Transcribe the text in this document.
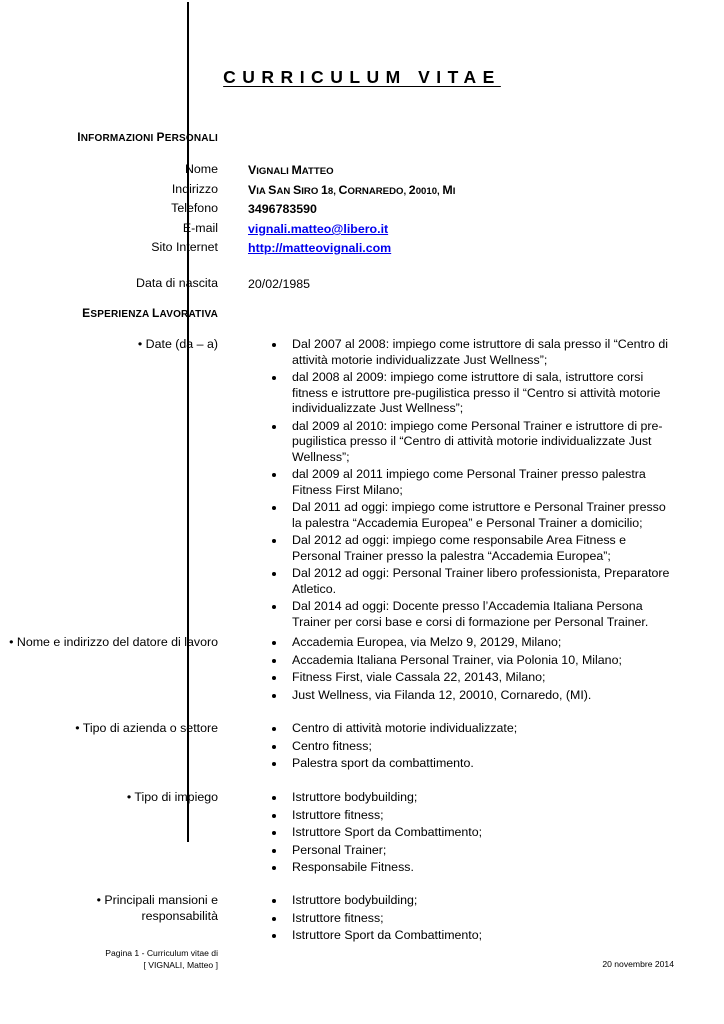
CURRICULUM VITAE
INFORMAZIONI PERSONALI
Nome VIGNALI MATTEO
Indirizzo VIA SAN SIRO 18, CORNAREDO, 20010, MI
Telefono 3496783590
E-mail vignali.matteo@libero.it
Sito Internet http://matteovignali.com
Data di nascita 20/02/1985
ESPERIENZA LAVORATIVA
• Date (da – a)	Dal 2007 al 2008: impiego come istruttore di sala presso il “Centro di attività motorie individualizzate Just Wellness”;
dal 2008 al 2009: impiego come istruttore di sala, istruttore corsi fitness e istruttore pre-pugilistica presso il “Centro si attività motorie individualizzate Just Wellness”;
dal 2009 al 2010: impiego come Personal Trainer e istruttore di pre-pugilistica presso il “Centro di attività motorie individualizzate Just Wellness”;
dal 2009 al 2011 impiego come Personal Trainer presso palestra Fitness First Milano;
Dal 2011 ad oggi: impiego come istruttore e Personal Trainer presso la palestra “Accademia Europea” e Personal Trainer a domicilio;
Dal 2012 ad oggi: impiego come responsabile Area Fitness e Personal Trainer presso la palestra “Accademia Europea”;
Dal 2012 ad oggi: Personal Trainer libero professionista, Preparatore Atletico.
Dal 2014 ad oggi: Docente presso l’Accademia Italiana Persona Trainer per corsi base e corsi di formazione per Personal Trainer.
• Nome e indirizzo del datore di lavoro	Accademia Europea, via Melzo 9, 20129, Milano;
Accademia Italiana Personal Trainer, via Polonia 10, Milano;
Fitness First, viale Cassala 22, 20143, Milano;
Just Wellness, via Filanda 12, 20010, Cornaredo, (MI).
• Tipo di azienda o settore	Centro di attività motorie individualizzate;
Centro fitness;
Palestra sport da combattimento.
• Tipo di impiego	Istruttore bodybuilding;
Istruttore fitness;
Istruttore Sport da Combattimento;
Personal Trainer;
Responsabile Fitness.
• Principali mansioni e responsabilità
Istruttore bodybuilding;
Istruttore fitness;
Istruttore Sport da Combattimento;
Pagina 1 - Curriculum vitae di
[ VIGNALI, Matteo ]	20 novembre 2014
